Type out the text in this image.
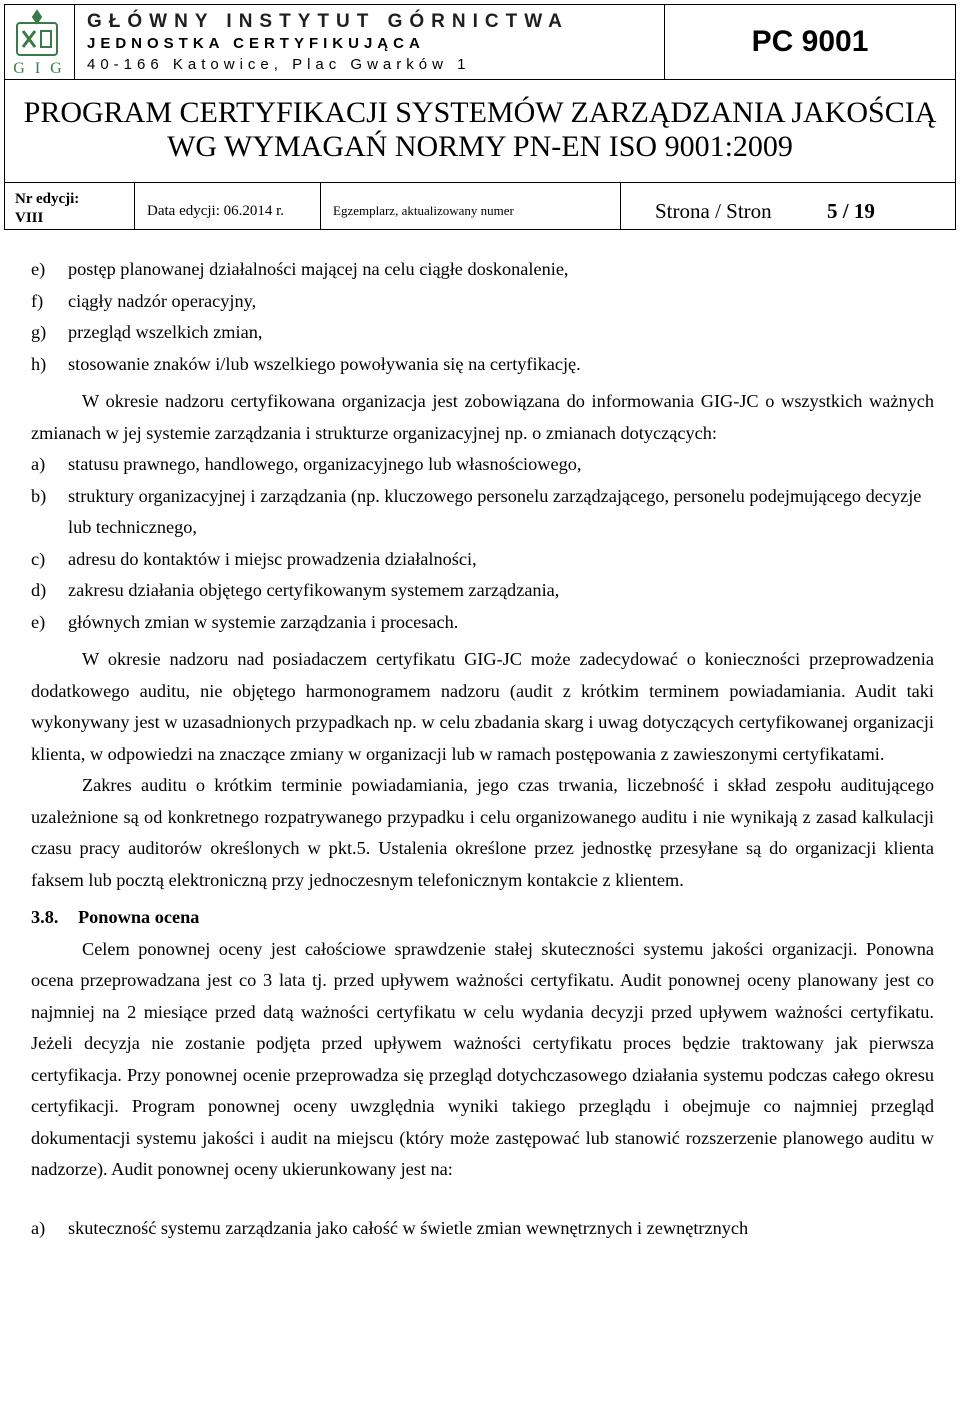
G I G
GŁÓWNY INSTYTUT GÓRNICTWA
JEDNOSTKA CERTYFIKUJĄCA
40-166 Katowice, Plac Gwarków 1
PC 9001
PROGRAM CERTYFIKACJI SYSTEMÓW ZARZĄDZANIA JAKOŚCIĄ
WG WYMAGAŃ NORMY PN-EN ISO 9001:2009
Nr edycji:
VIII	Data edycji: 06.2014 r.	Egzemplarz, aktualizowany numer	Strona / Stron	5 / 19
e)	postęp planowanej działalności mającej na celu ciągłe doskonalenie,
f)	ciągły nadzór operacyjny,
g)	przegląd wszelkich zmian,
h)	stosowanie znaków i/lub wszelkiego powoływania się na certyfikację.

W okresie nadzoru certyfikowana organizacja jest zobowiązana do informowania GIG-JC o wszystkich ważnych zmianach w jej systemie zarządzania i strukturze organizacyjnej np. o zmianach dotyczących:

a)	statusu prawnego, handlowego, organizacyjnego lub własnościowego,
b)	struktury organizacyjnej i zarządzania (np. kluczowego personelu zarządzającego, personelu podejmującego decyzje lub technicznego,
c)	adresu do kontaktów i miejsc prowadzenia działalności,
d)	zakresu działania objętego certyfikowanym systemem zarządzania,
e)	głównych zmian w systemie zarządzania i procesach.

W okresie nadzoru nad posiadaczem certyfikatu GIG-JC może zadecydować o konieczności przeprowadzenia dodatkowego auditu, nie objętego harmonogramem nadzoru (audit z krótkim terminem powiadamiania. Audit taki wykonywany jest w uzasadnionych przypadkach np. w celu zbadania skarg i uwag dotyczących certyfikowanej organizacji klienta, w odpowiedzi na znaczące zmiany w organizacji lub w ramach postępowania z zawieszonymi certyfikatami.

Zakres auditu o krótkim terminie powiadamiania, jego czas trwania, liczebność i skład zespołu auditującego uzależnione są od konkretnego rozpatrywanego przypadku i celu organizowanego auditu i nie wynikają z zasad kalkulacji czasu pracy auditorów określonych w pkt.5. Ustalenia określone przez jednostkę przesyłane są do organizacji klienta faksem lub pocztą elektroniczną przy jednoczesnym telefonicznym kontakcie z klientem.

3.8. Ponowna ocena

Celem ponownej oceny jest całościowe sprawdzenie stałej skuteczności systemu jakości organizacji. Ponowna ocena przeprowadzana jest co 3 lata tj. przed upływem ważności certyfikatu. Audit ponownej oceny planowany jest co najmniej na 2 miesiące przed datą ważności certyfikatu w celu wydania decyzji przed upływem ważności certyfikatu. Jeżeli decyzja nie zostanie podjęta przed upływem ważności certyfikatu proces będzie traktowany jak pierwsza certyfikacja. Przy ponownej ocenie przeprowadza się przegląd dotychczasowego działania systemu podczas całego okresu certyfikacji. Program ponownej oceny uwzględnia wyniki takiego przeglądu i obejmuje co najmniej przegląd dokumentacji systemu jakości i audit na miejscu (który może zastępować lub stanowić rozszerzenie planowego auditu w nadzorze). Audit ponownej oceny ukierunkowany jest na:

a)	skuteczność systemu zarządzania jako całość w świetle zmian wewnętrznych i zewnętrznych
